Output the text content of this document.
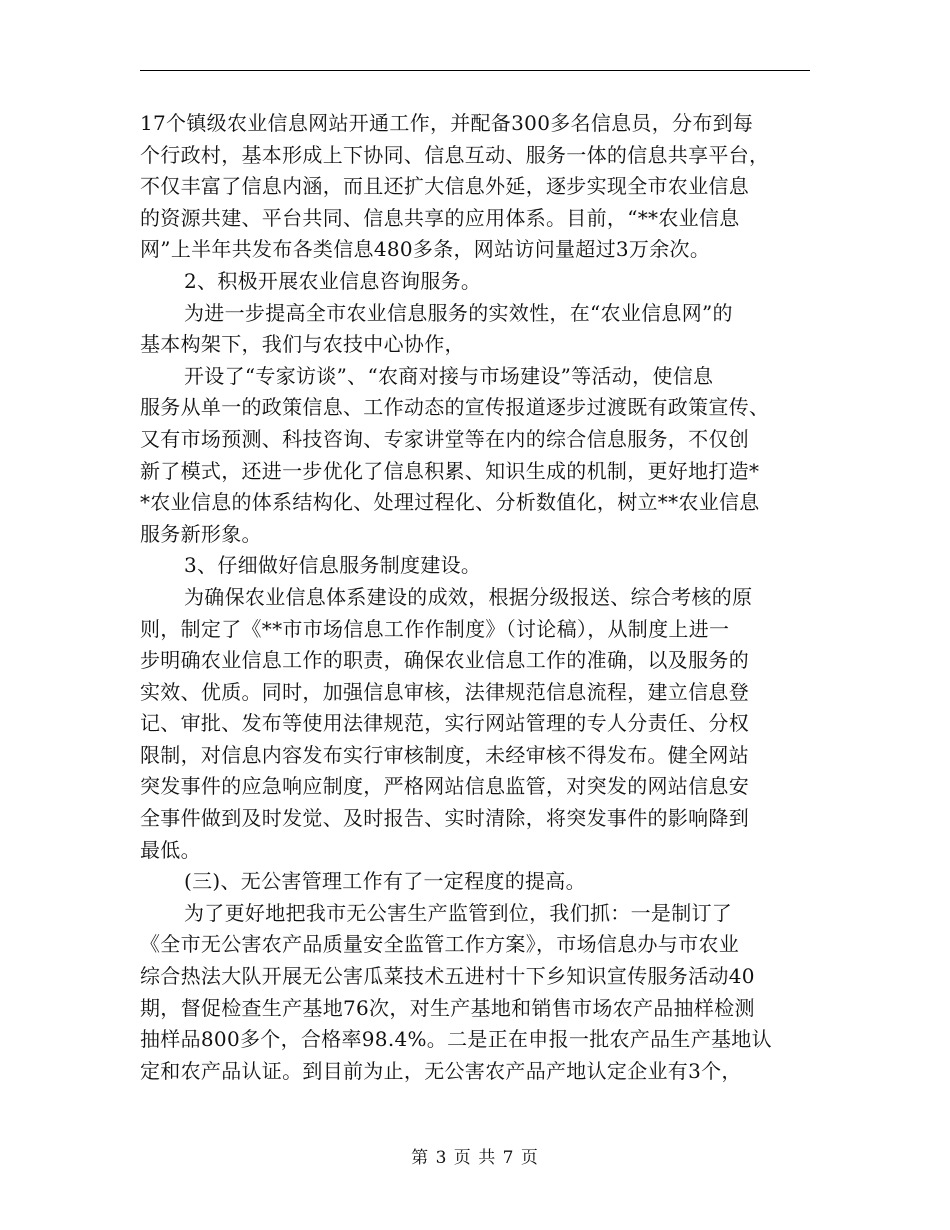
17个镇级农业信息网站开通工作，并配备300多名信息员，分布到每
个行政村，基本形成上下协同、信息互动、服务一体的信息共享平台，
不仅丰富了信息内涵，而且还扩大信息外延，逐步实现全市农业信息
的资源共建、平台共同、信息共享的应用体系。目前，“**农业信息
网”上半年共发布各类信息480多条，网站访问量超过3万余次。
2、积极开展农业信息咨询服务。
为进一步提高全市农业信息服务的实效性，在“农业信息网”的
基本构架下，我们与农技中心协作，
开设了“专家访谈”、“农商对接与市场建设”等活动，使信息
服务从单一的政策信息、工作动态的宣传报道逐步过渡既有政策宣传、
又有市场预测、科技咨询、专家讲堂等在内的综合信息服务，不仅创
新了模式，还进一步优化了信息积累、知识生成的机制，更好地打造*
*农业信息的体系结构化、处理过程化、分析数值化，树立**农业信息
服务新形象。
3、仔细做好信息服务制度建设。
为确保农业信息体系建设的成效，根据分级报送、综合考核的原
则，制定了《**市市场信息工作作制度》（讨论稿），从制度上进一
步明确农业信息工作的职责，确保农业信息工作的准确，以及服务的
实效、优质。同时，加强信息审核，法律规范信息流程，建立信息登
记、审批、发布等使用法律规范，实行网站管理的专人分责任、分权
限制，对信息内容发布实行审核制度，未经审核不得发布。健全网站
突发事件的应急响应制度，严格网站信息监管，对突发的网站信息安
全事件做到及时发觉、及时报告、实时清除，将突发事件的影响降到
最低。
(三)、无公害管理工作有了一定程度的提高。
为了更好地把我市无公害生产监管到位，我们抓：一是制订了
《全市无公害农产品质量安全监管工作方案》，市场信息办与市农业
综合热法大队开展无公害瓜菜技术五进村十下乡知识宣传服务活动40
期，督促检查生产基地76次，对生产基地和销售市场农产品抽样检测
抽样品800多个，合格率98.4%。二是正在申报一批农产品生产基地认
定和农产品认证。到目前为止，无公害农产品产地认定企业有3个，
第 3 页 共 7 页
